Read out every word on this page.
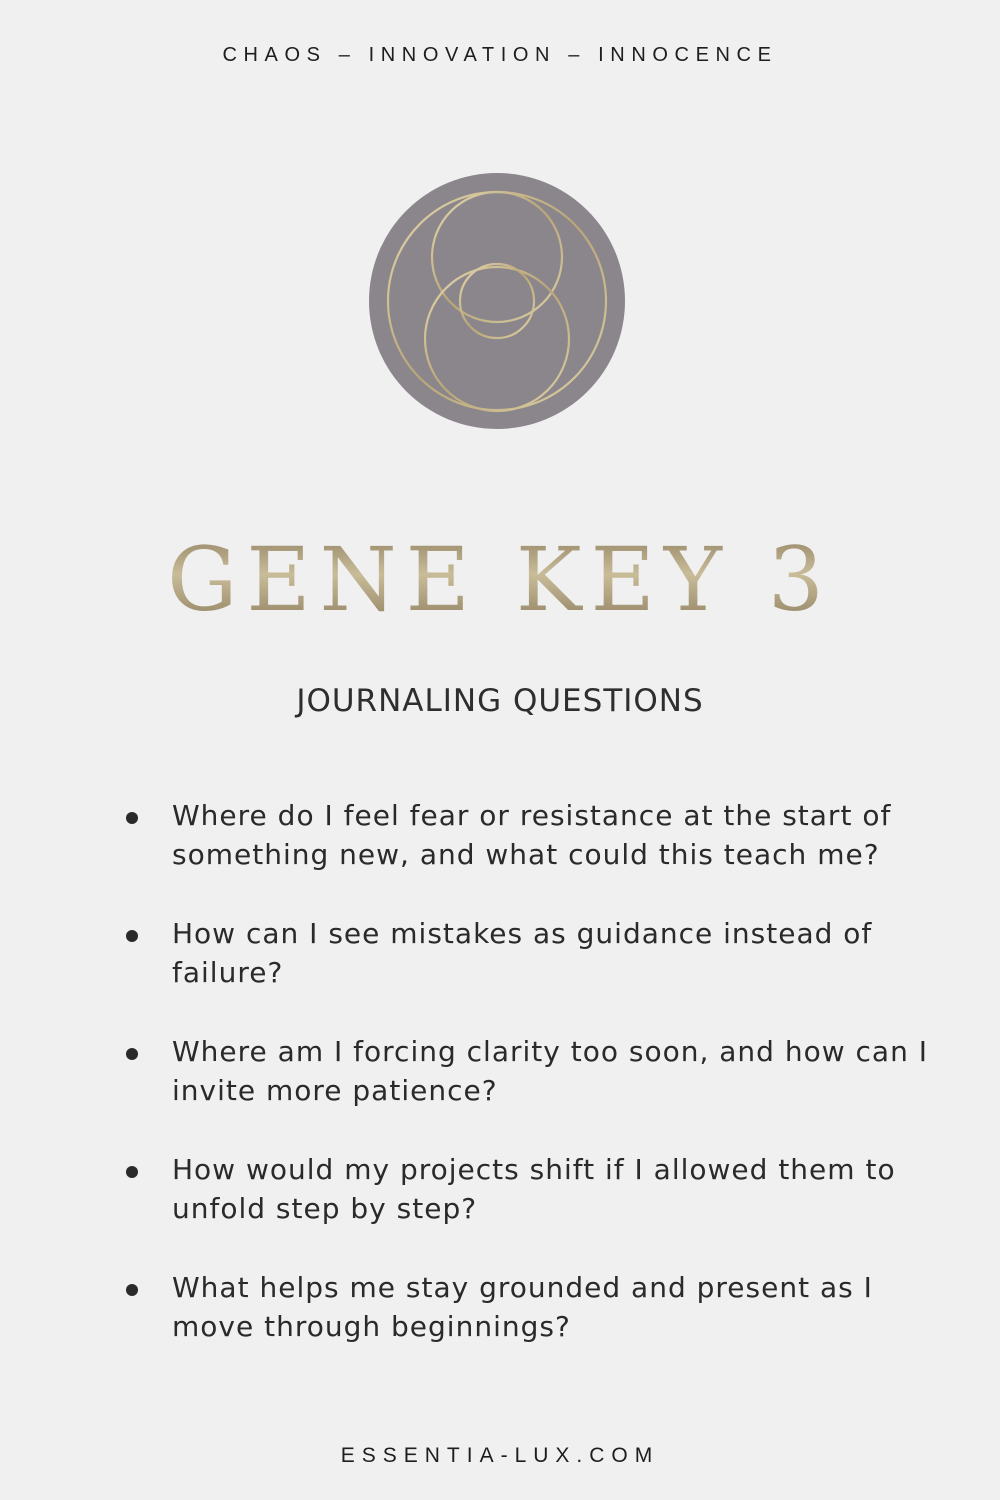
CHAOS – INNOVATION – INNOCENCE
GENE KEY 3
JOURNALING QUESTIONS
Where do I feel fear or resistance at the start of something new, and what could this teach me?
How can I see mistakes as guidance instead of failure?
Where am I forcing clarity too soon, and how can I invite more patience?
How would my projects shift if I allowed them to unfold step by step?
What helps me stay grounded and present as I move through beginnings?
ESSENTIA-LUX.COM
